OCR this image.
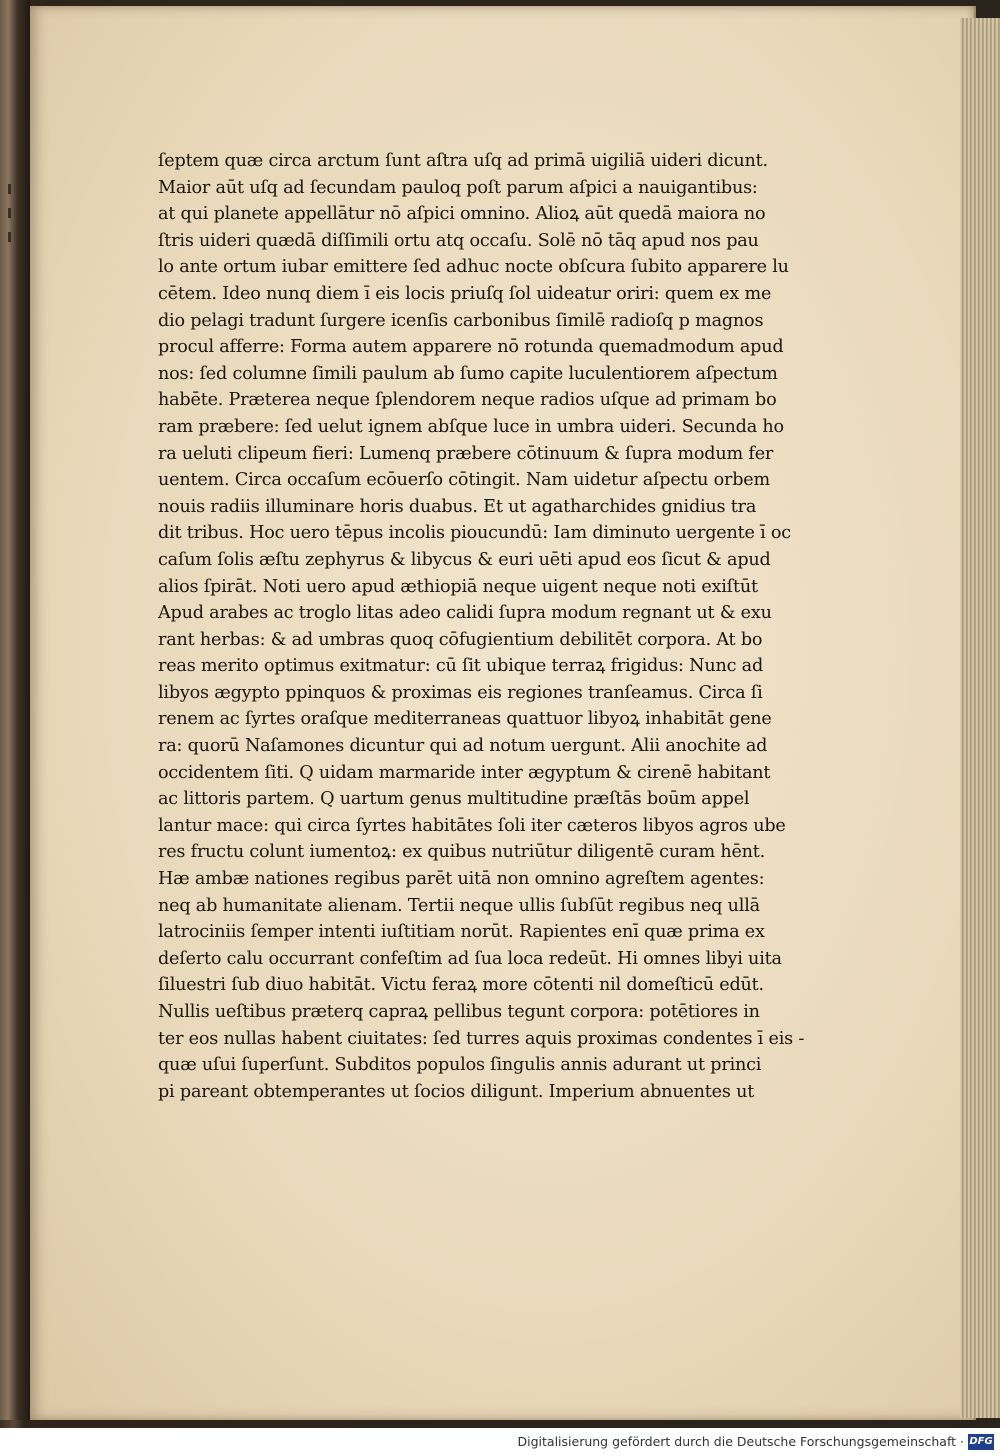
ſeptem quæ circa arctum ſunt aſtra uſq ad primā uigiliā uideri dicunt.
Maior aūt uſq ad ſecundam pauloq poſt parum aſpici a nauigantibus:
at qui planete appellātur nō aſpici omnino. Alioꝝ aūt quedā maiora no
ſtris uideri quædā diſſimili ortu atq occaſu. Solē nō tāq apud nos pau
lo ante ortum iubar emittere ſed adhuc nocte obſcura ſubito apparere lu
cētem. Ideo nunq diem ī eis locis priuſq ſol uideatur oriri: quem ex me
dio pelagi tradunt ſurgere icenſis carbonibus ſimilē radioſq p magnos
procul afferre: Forma autem apparere nō rotunda quemadmodum apud
nos: ſed columne ſimili paulum ab ſumo capite luculentiorem aſpectum
habēte. Præterea neque ſplendorem neque radios uſque ad primam bo
ram præbere: ſed uelut ignem abſque luce in umbra uideri. Secunda ho
ra ueluti clipeum fieri: Lumenq præbere cōtinuum & ſupra modum fer
uentem. Circa occaſum ecōuerſo cōtingit. Nam uidetur aſpectu orbem
nouis radiis illuminare horis duabus. Et ut agatharchides gnidius tra
dit tribus. Hoc uero tēpus incolis pioucundū: Iam diminuto uergente ī oc
caſum ſolis æſtu zephyrus & libycus & euri uēti apud eos ſicut & apud
alios ſpirāt. Noti uero apud æthiopiā neque uigent neque noti exiſtūt
Apud arabes ac troglo litas adeo calidi ſupra modum regnant ut & exu
rant herbas: & ad umbras quoq cōfugientium debilitēt corpora. At bo
reas merito optimus exitmatur: cū ſit ubique terraꝝ frigidus: Nunc ad
libyos ægypto ppinquos & proximas eis regiones tranſeamus. Circa ſi
renem ac ſyrtes oraſque mediterraneas quattuor libyoꝝ inhabitāt gene
ra: quorū Naſamones dicuntur qui ad notum uergunt. Alii anochite ad
occidentem ſiti. Q uidam marmaride inter ægyptum & cirenē habitant
ac littoris partem. Q uartum genus multitudine præſtās boūm appel
lantur mace: qui circa ſyrtes habitātes ſoli iter cæteros libyos agros ube
res fructu colunt iumentoꝝ: ex quibus nutriūtur diligentē curam hēnt.
Hæ ambæ nationes regibus parēt uitā non omnino agreſtem agentes:
neq ab humanitate alienam. Tertii neque ullis ſubſūt regibus neq ullā
latrociniis ſemper intenti iuſtitiam norūt. Rapientes enī quæ prima ex
deſerto calu occurrant confeſtim ad ſua loca redeūt. Hi omnes libyi uita
ſiluestri ſub diuo habitāt. Victu feraꝝ more cōtenti nil domeſticū edūt.
Nullis ueſtibus præterq capraꝝ pellibus tegunt corpora: potētiores in
ter eos nullas habent ciuitates: ſed turres aquis proximas condentes ī eis -
quæ uſui ſuperſunt. Subditos populos ſingulis annis adurant ut princi
pi pareant obtemperantes ut ſocios diligunt. Imperium abnuentes ut
Digitalisierung gefördert durch die Deutsche Forschungsgemeinschaft · DFG
